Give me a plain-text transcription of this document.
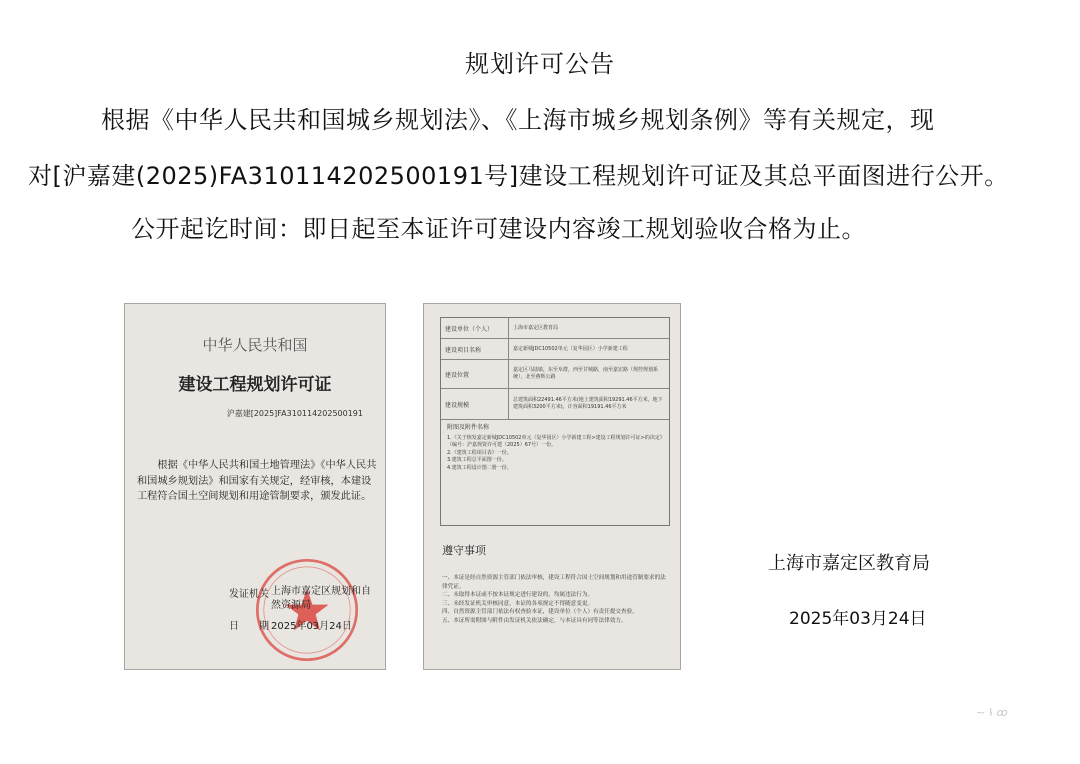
规划许可公告
根据《中华人民共和国城乡规划法》、《上海市城乡规划条例》等有关规定，现
对[沪嘉建(2025)FA310114202500191号]建设工程规划许可证及其总平面图进行公开。
公开起讫时间：即日起至本证许可建设内容竣工规划验收合格为止。
中华人民共和国
建设工程规划许可证
沪嘉建[2025]FA310114202500191
根据《中华人民共和国土地管理法》《中华人民共和国城乡规划法》和国家有关规定，经审核，本建设工程符合国土空间规划和用途管制要求，颁发此证。
发证机关 上海市嘉定区规划和自然资源局
日　　期 2025年03月24日
建设单位（个人）	上海市嘉定区教育局
建设项目名称	嘉定新城JDC10502单元（复华园区）小学新建工程
建设位置
嘉定区马陆镇，东至阜群，西至甘城路，南至嘉宏路（规控规划系统），北至燕辉公路
建设规模
总建筑面积22491.46平方米(地上建筑面积19291.46平方米，地下建筑面积3200平方米)，计容面积19191.46平方米
附图及附件名称
1.《关于核发嘉定新城JDC10502单元（复华园区）小学新建工程>建设工程规划许可证>的决定》（编号：沪嘉规资许可建（2025）67号）一份。
2.《建筑工程项目表》一份。
3.建筑工程总平面图一份。
4.建筑工程设计图二册一份。
遵守事项
一、本证是经自然资源主管部门依法审核，建设工程符合国土空间规划和用途管制要求的法律凭证。
二、未取得本证或不按本证规定进行建设的，均属违法行为。
三、未经发证机关审核同意，本证的各项规定不得随意变更。
四、自然资源主管部门依法有权查验本证，建设单位（个人）有责任提交查验。
五、本证所需附图与附件由发证机关依法确定，与本证具有同等法律效力。
上海市嘉定区教育局
2025年03月24日
~ ꝇ ꝏ
